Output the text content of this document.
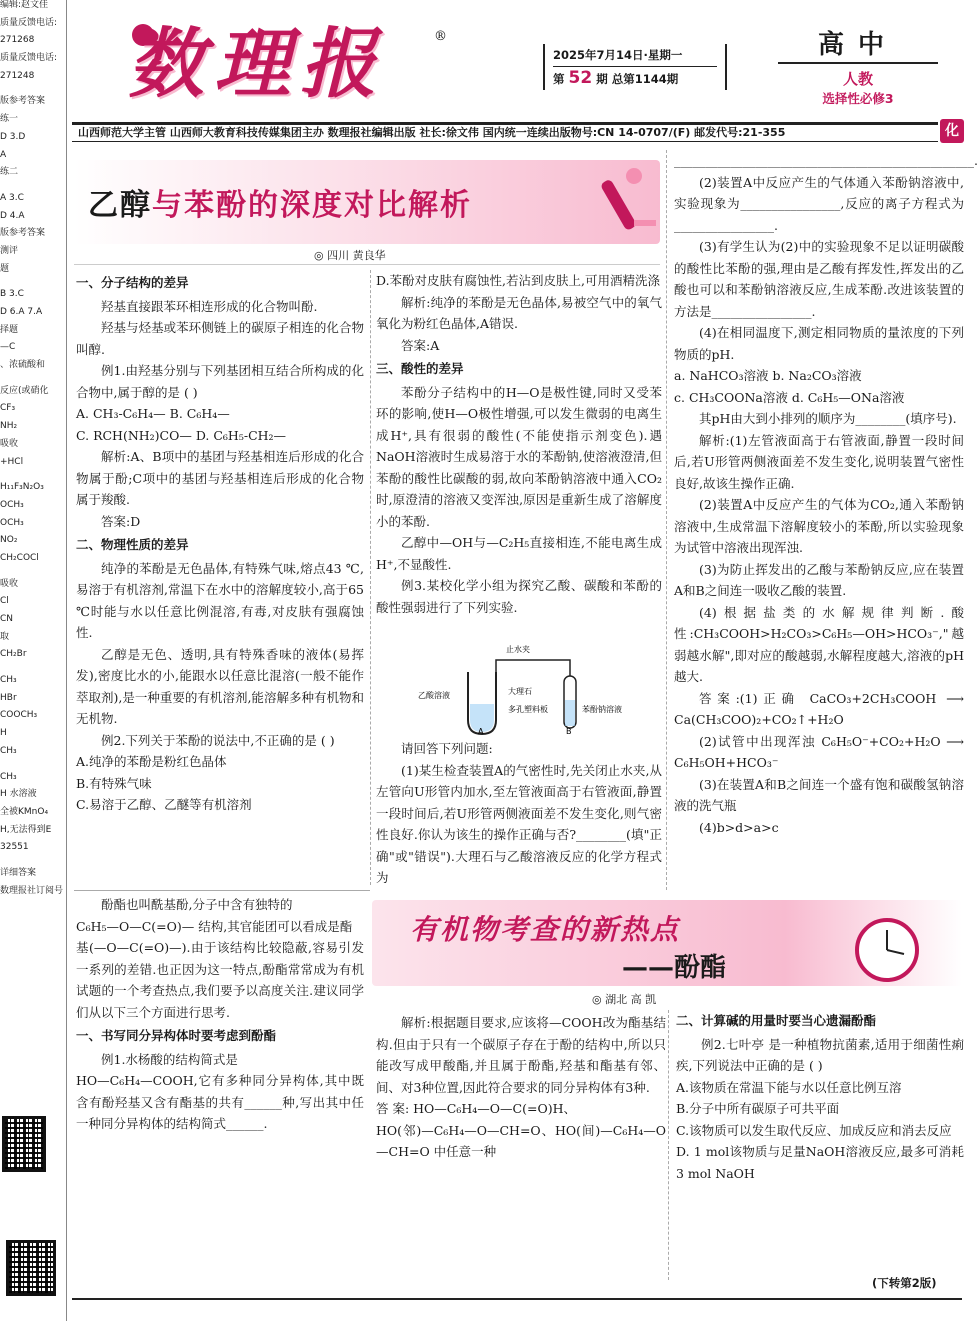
编辑:赵文佳
质量反馈电话:
271268
质量反馈电话:
271248
版参考答案
练一
D 3.D
A
练二
A 3.C
D 4.A
版参考答案
测评
题
B 3.C
D 6.A 7.A
择题
—C
、浓硫酸和
反应(或硝化
CF₃
NH₂
吸收
+HCl
H₁₁F₃N₂O₃
OCH₃
OCH₃
NO₂
CH₂COCl
吸收
Cl
CN
取
CH₂Br
CH₃
HBr
COOCH₃
H
CH₃
CH₃
H 水溶液
全被KMnO₄
H,无法得到E
32551
详细答案
数理报社订阅号
数理报	®
2025年7月14日·星期一
第 52 期 总第1144期
高中
人教
选择性必修3
山西师范大学主管 山西师大教育科技传媒集团主办 数理报社编辑出版 社长:徐文伟 国内统一连续出版物号:CN 14-0707/(F) 邮发代号:21-355	化
乙醇与苯酚的深度对比解析
◎ 四川 黄良华
一、分子结构的差异

羟基直接跟苯环相连形成的化合物叫酚.

羟基与烃基或苯环侧链上的碳原子相连的化合物叫醇.

例1.由羟基分别与下列基团相互结合所构成的化合物中,属于醇的是 ( )

A. CH₃-C₆H₄— B. C₆H₄—

C. RCH(NH₂)CO— D. C₆H₅-CH₂—

解析:A、B项中的基团与羟基相连后形成的化合物属于酚;C项中的基团与羟基相连后形成的化合物属于羧酸.

答案:D

二、物理性质的差异

纯净的苯酚是无色晶体,有特殊气味,熔点43 ℃,易溶于有机溶剂,常温下在水中的溶解度较小,高于65 ℃时能与水以任意比例混溶,有毒,对皮肤有强腐蚀性.

乙醇是无色、透明,具有特殊香味的液体(易挥发),密度比水的小,能跟水以任意比混溶(一般不能作萃取剂),是一种重要的有机溶剂,能溶解多种有机物和无机物.

例2.下列关于苯酚的说法中,不正确的是 ( )

A.纯净的苯酚是粉红色晶体

B.有特殊气味

C.易溶于乙醇、乙醚等有机溶剂

D.苯酚对皮肤有腐蚀性,若沾到皮肤上,可用酒精洗涤

解析:纯净的苯酚是无色晶体,易被空气中的氧气氧化为粉红色晶体,A错误.

答案:A

三、酸性的差异

苯酚分子结构中的H—O是极性键,同时又受苯环的影响,使H—O极性增强,可以发生微弱的电离生成H⁺,具有很弱的酸性(不能使指示剂变色).遇NaOH溶液时生成易溶于水的苯酚钠,使溶液澄清,但苯酚的酸性比碳酸的弱,故向苯酚钠溶液中通入CO₂时,原澄清的溶液又变浑浊,原因是重新生成了溶解度小的苯酚.

乙醇中—OH与—C₂H₅直接相连,不能电离生成H⁺,不显酸性.

例3.某校化学小组为探究乙酸、碳酸和苯酚的酸性强弱进行了下列实验.

止水夹
乙酸溶液	大理石
多孔塑料板	苯酚钠溶液
A	B

请回答下列问题:

(1)某生检查装置A的气密性时,先关闭止水夹,从左管向U形管内加水,至左管液面高于右管液面,静置一段时间后,若U形管两侧液面差不发生变化,则气密性良好.你认为该生的操作正确与否?________(填"正确"或"错误").大理石与乙酸溶液反应的化学方程式为

________________________________________________.

(2)装置A中反应产生的气体通入苯酚钠溶液中,实验现象为________________,反应的离子方程式为________________.

(3)有学生认为(2)中的实验现象不足以证明碳酸的酸性比苯酚的强,理由是乙酸有挥发性,挥发出的乙酸也可以和苯酚钠溶液反应,生成苯酚.改进该装置的方法是________________.

(4)在相同温度下,测定相同物质的量浓度的下列物质的pH.

a. NaHCO₃溶液 b. Na₂CO₃溶液

c. CH₃COONa溶液 d. C₆H₅—ONa溶液

其pH由大到小排列的顺序为________(填序号).

解析:(1)左管液面高于右管液面,静置一段时间后,若U形管两侧液面差不发生变化,说明装置气密性良好,故该生操作正确.

(2)装置A中反应产生的气体为CO₂,通入苯酚钠溶液中,生成常温下溶解度较小的苯酚,所以实验现象为试管中溶液出现浑浊.

(3)为防止挥发出的乙酸与苯酚钠反应,应在装置A和B之间连一吸收乙酸的装置.

(4)根据盐类的水解规律判断.酸性:CH₃COOH>H₂CO₃>C₆H₅—OH>HCO₃⁻,"越弱越水解",即对应的酸越弱,水解程度越大,溶液的pH越大.

答案:(1)正确 CaCO₃+2CH₃COOH ⟶ Ca(CH₃COO)₂+CO₂↑+H₂O

(2)试管中出现浑浊 C₆H₅O⁻+CO₂+H₂O ⟶ C₆H₅OH+HCO₃⁻

(3)在装置A和B之间连一个盛有饱和碳酸氢钠溶液的洗气瓶

(4)b>d>a>c

酚酯也叫酰基酚,分子中含有独特的

C₆H₅—O—C(=O)— 结构,其官能团可以看成是酯

基(—O—C(=O)—).由于该结构比较隐蔽,容易引发一系列的差错.也正因为这一特点,酚酯常常成为有机试题的一个考查热点,我们要予以高度关注.建议同学们从以下三个方面进行思考.

一、书写同分异构体时要考虑到酚酯

例1.水杨酸的结构简式是

HO—C₆H₄—COOH,它有多种同分异构体,其中既含有酚羟基又含有酯基的共有______种,写出其中任一种同分异构体的结构简式______.

有机物考查的新热点
——酚酯
◎ 湖北 高 凯

解析:根据题目要求,应该将—COOH改为酯基结构.但由于只有一个碳原子存在于酚的结构中,所以只能改写成甲酸酯,并且属于酚酯,羟基和酯基有邻、间、对3种位置,因此符合要求的同分异构体有3种.

答 案: HO—C₆H₄—O—C(=O)H、

HO(邻)—C₆H₄—O—CH=O、HO(间)—C₆H₄—O—CH=O 中任意一种

二、计算碱的用量时要当心遗漏酚酯

例2.七叶亭 是一种植物抗菌素,适用于细菌性痢疾,下列说法中正确的是 ( )

A.该物质在常温下能与水以任意比例互溶

B.分子中所有碳原子可共平面

C.该物质可以发生取代反应、加成反应和消去反应

D. 1 mol该物质与足量NaOH溶液反应,最多可消耗3 mol NaOH

(下转第2版)
